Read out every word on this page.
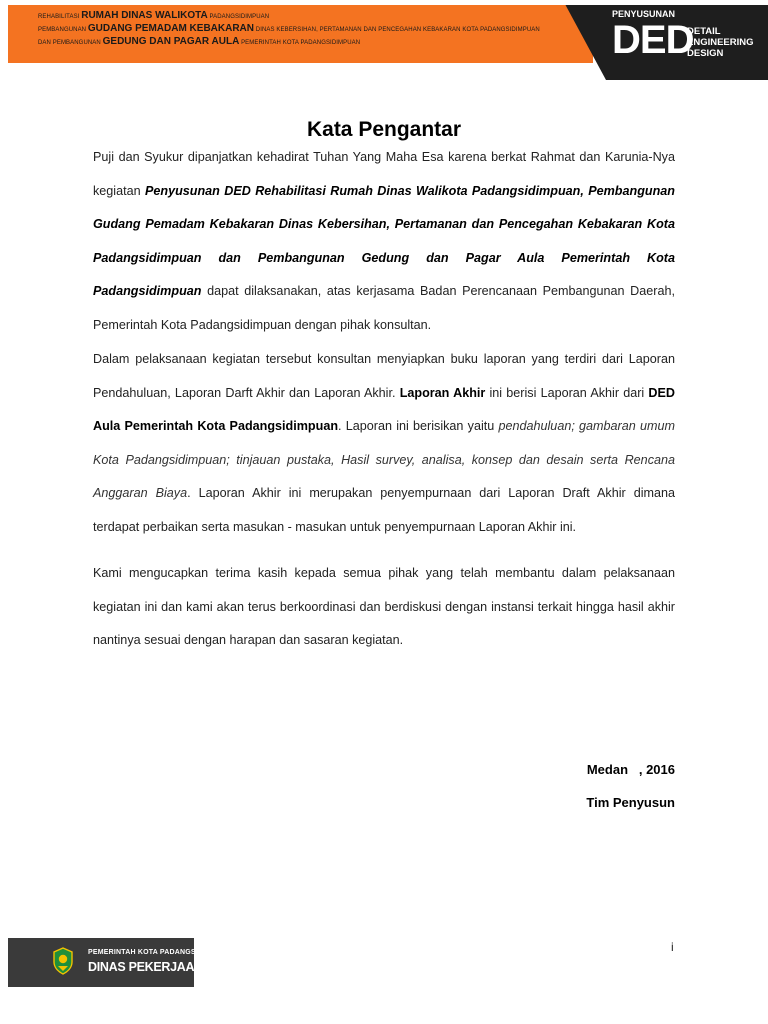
REHABILITASI RUMAH DINAS WALIKOTA PADANGSIDIMPUAN
PEMBANGUNAN GUDANG PEMADAM KEBAKARAN DINAS KEBERSIHAN, PERTAMANAN DAN PENCEGAHAN KEBAKARAN KOTA PADANGSIDIMPUAN
DAN PEMBANGUNAN GEDUNG DAN PAGAR AULA PEMERINTAH KOTA PADANGSIDIMPUAN
PENYUSUNAN
DED
DETAIL
ENGINEERING
DESIGN
Kata Pengantar
Puji dan Syukur dipanjatkan kehadirat Tuhan Yang Maha Esa karena berkat Rahmat dan Karunia-Nya kegiatan Penyusunan DED Rehabilitasi Rumah Dinas Walikota Padangsidimpuan, Pembangunan Gudang Pemadam Kebakaran Dinas Kebersihan, Pertamanan dan Pencegahan Kebakaran Kota Padangsidimpuan dan Pembangunan Gedung dan Pagar Aula Pemerintah Kota Padangsidimpuan dapat dilaksanakan, atas kerjasama Badan Perencanaan Pembangunan Daerah, Pemerintah Kota Padangsidimpuan dengan pihak konsultan.
Dalam pelaksanaan kegiatan tersebut konsultan menyiapkan buku laporan yang terdiri dari Laporan Pendahuluan, Laporan Darft Akhir dan Laporan Akhir. Laporan Akhir ini berisi Laporan Akhir dari DED Aula Pemerintah Kota Padangsidimpuan. Laporan ini berisikan yaitu pendahuluan; gambaran umum Kota Padangsidimpuan; tinjauan pustaka, Hasil survey, analisa, konsep dan desain serta Rencana Anggaran Biaya. Laporan Akhir ini merupakan penyempurnaan dari Laporan Draft Akhir dimana terdapat perbaikan serta masukan - masukan untuk penyempurnaan Laporan Akhir ini.
Kami mengucapkan terima kasih kepada semua pihak yang telah membantu dalam pelaksanaan kegiatan ini dan kami akan terus berkoordinasi dan berdiskusi dengan instansi terkait hingga hasil akhir nantinya sesuai dengan harapan dan sasaran kegiatan.
Medan   , 2016
Tim Penyusun
i
PEMERINTAH KOTA PADANGSIDIMPUAN
DINAS PEKERJAAN UMUM
